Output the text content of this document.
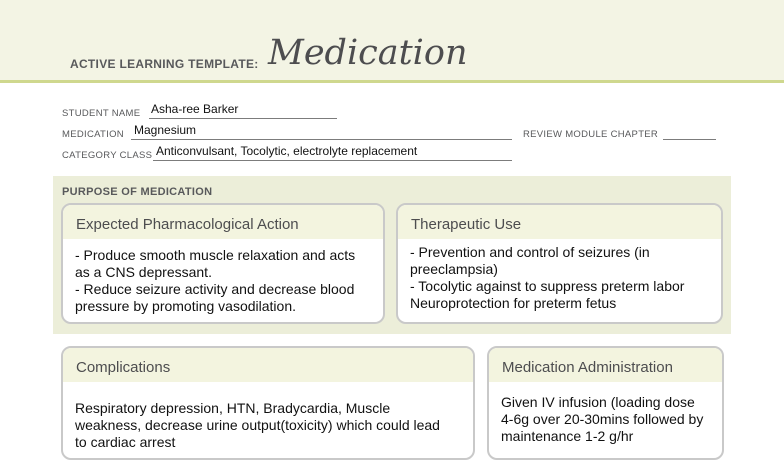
ACTIVE LEARNING TEMPLATE: Medication
STUDENT NAME Asha-ree Barker
MEDICATION Magnesium	REVIEW MODULE CHAPTER
CATEGORY CLASS Anticonvulsant, Tocolytic, electrolyte replacement
PURPOSE OF MEDICATION
Expected Pharmacological Action
- Produce smooth muscle relaxation and acts
as a CNS depressant.
- Reduce seizure activity and decrease blood
pressure by promoting vasodilation.
Therapeutic Use
- Prevention and control of seizures (in
preeclampsia)
- Tocolytic against to suppress preterm labor
Neuroprotection for preterm fetus
Complications
Respiratory depression, HTN, Bradycardia, Muscle
weakness, decrease urine output(toxicity) which could lead
to cardiac arrest
Medication Administration
Given IV infusion (loading dose
4-6g over 20-30mins followed by
maintenance 1-2 g/hr
